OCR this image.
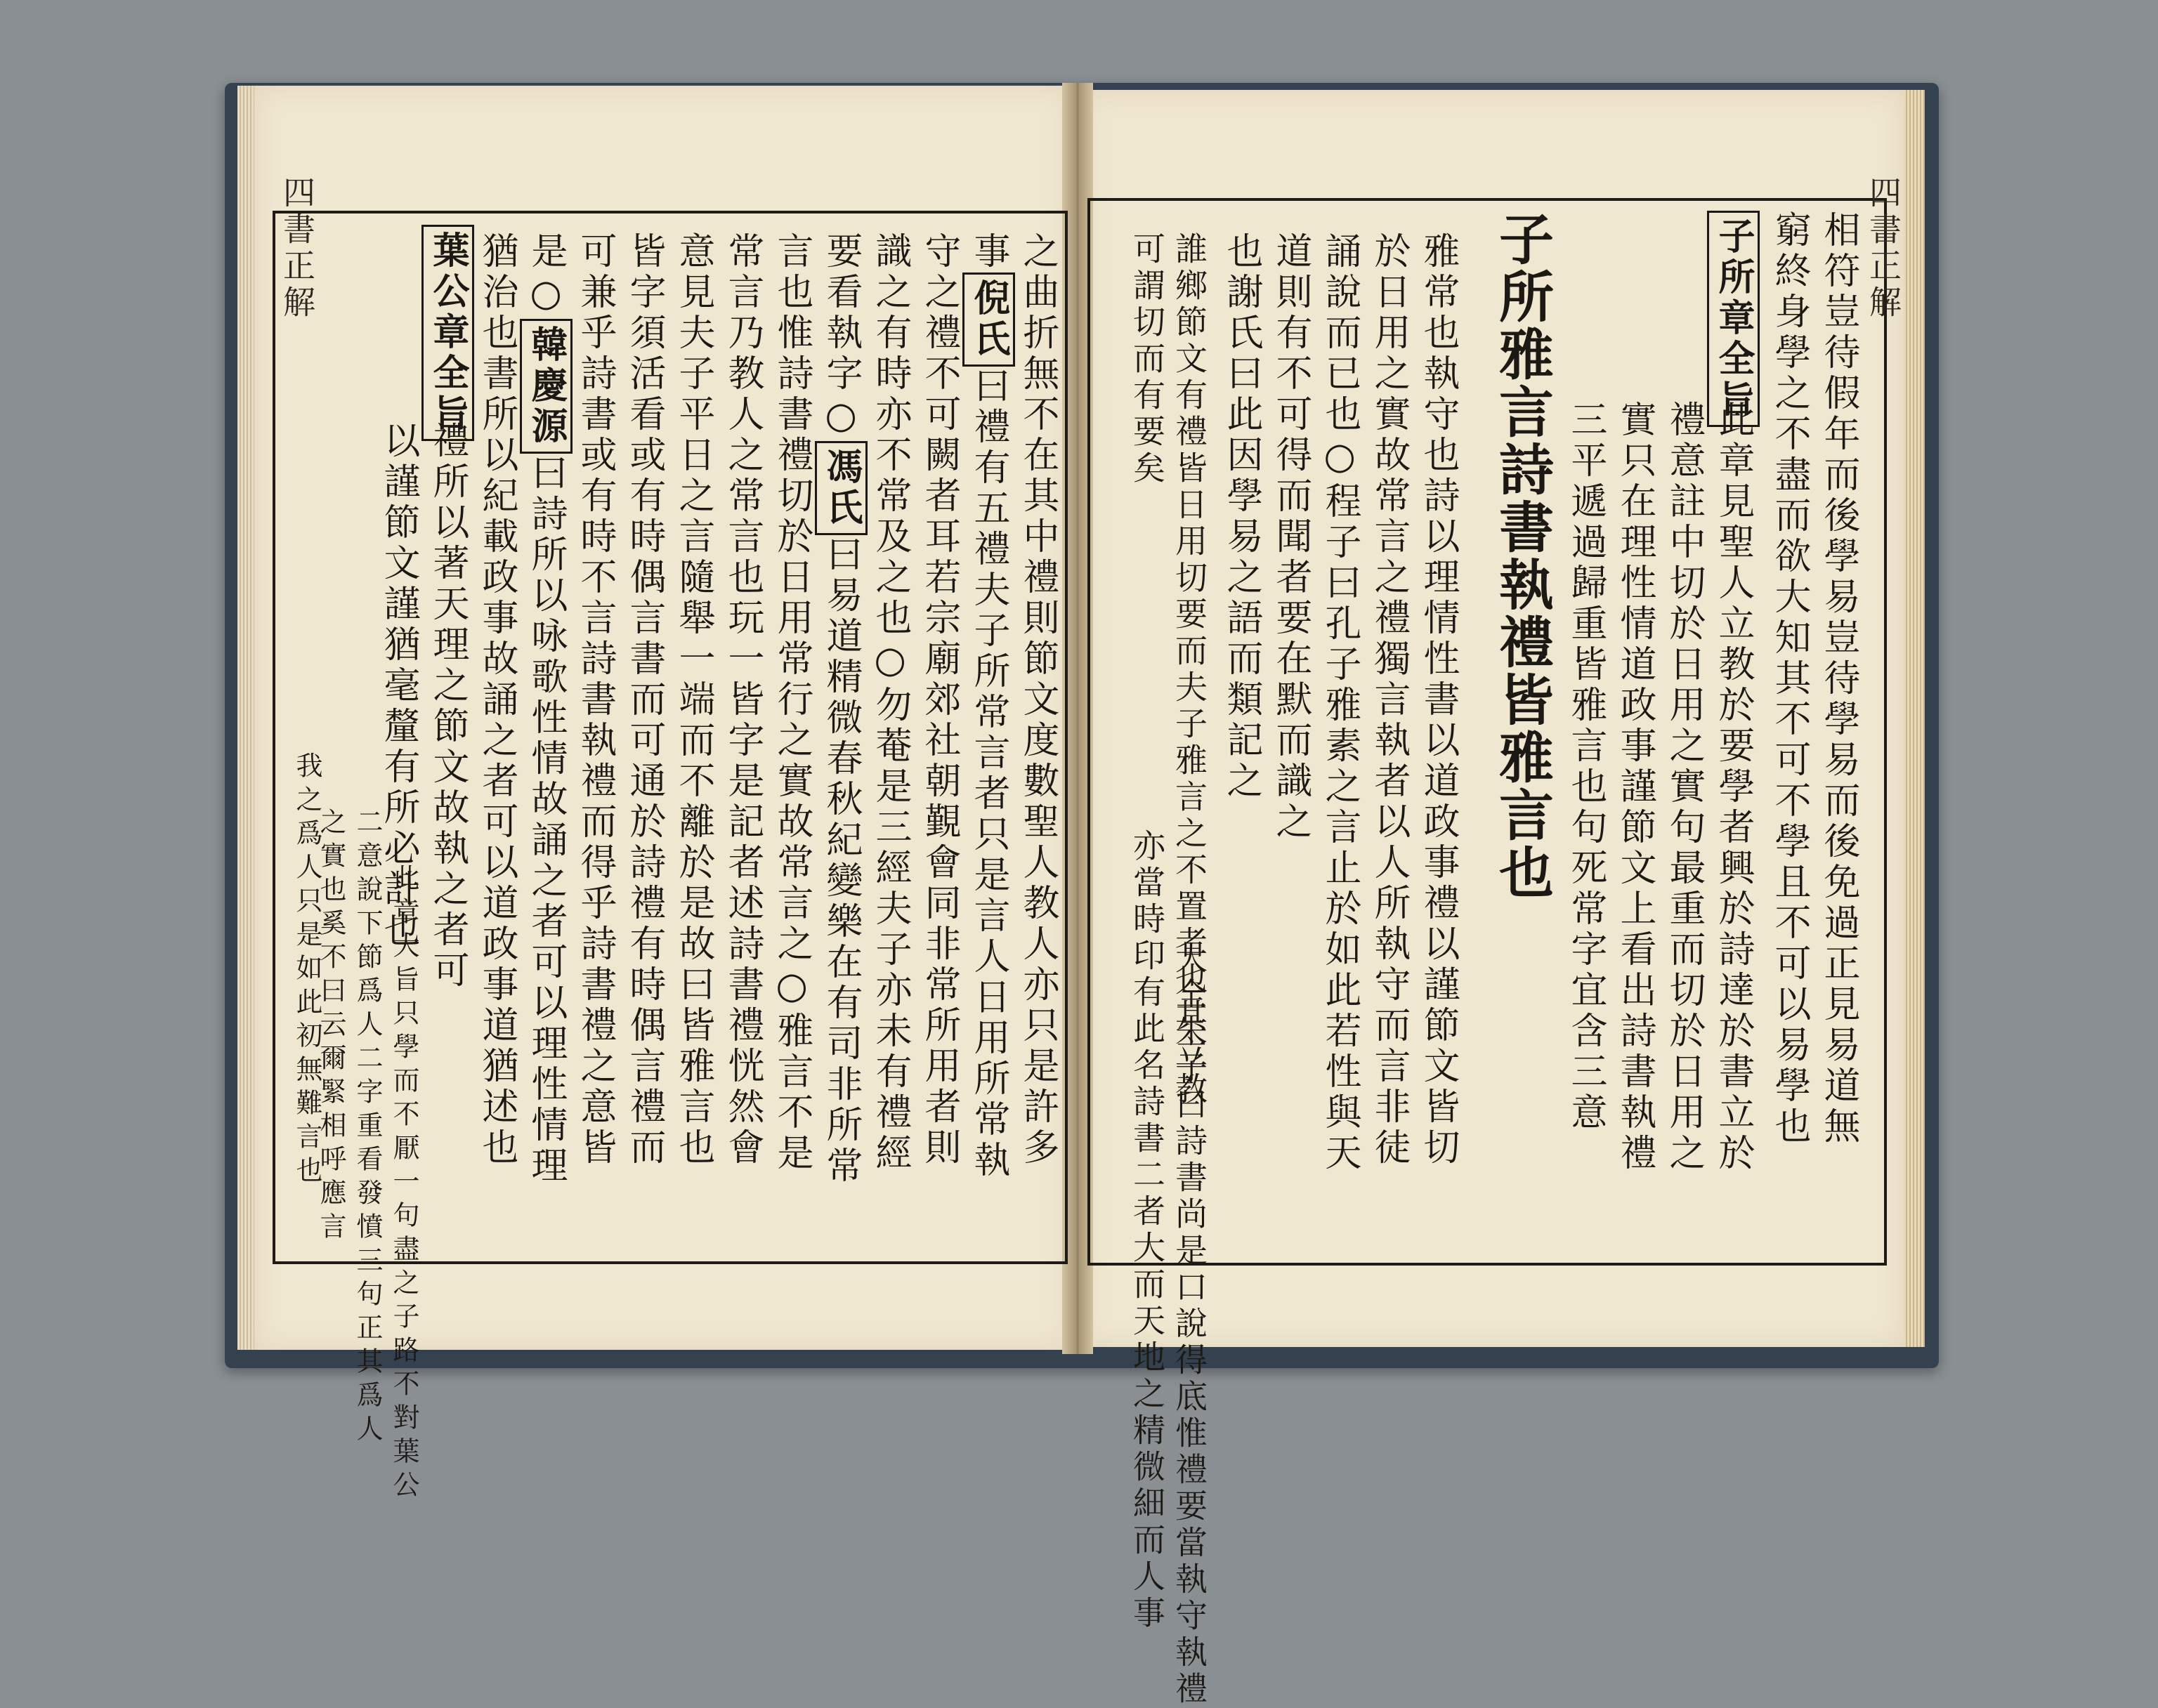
四書正解
相符豈待假年而後學易豈待學易而後免過正見易道無
窮終身學之不盡而欲大知其不可不學且不可以易學也
此章見聖人立教於要學者興於詩達於書立於
禮意註中切於日用之實句最重而切於日用之
子所章全旨
實只在理性情道政事謹節文上看出詩書執禮
三平遞過歸重皆雅言也句死常字宜含三意
子所雅言詩書執禮皆雅言也
雅常也執守也詩以理情性書以道政事禮以謹節文皆切
於日用之實故常言之禮獨言執者以人所執守而言非徒
誦說而已也○程子曰孔子雅素之言止於如此若性與天
道則有不可得而聞者要在默而識之
也謝氏曰此因學易之語而類記之
誰鄉節文有禮皆日用切要而夫子雅言之不置者也其立教
可謂切而有要矣
大全朱子曰詩書尚是口說得底惟禮要當執守執禮
亦當時印有此名詩書二者大而天地之精微細而人事
四書正解	之曲折無不在其中禮則節文度數聖人教人亦只是許多
事倪氏曰禮有五禮夫子所常言者只是言人日用所常執
守之禮不可闕者耳若宗廟郊社朝覲會同非常所用者則
識之有時亦不常及之也○勿菴是三經夫子亦未有禮經
要看執字○馮氏曰易道精微春秋紀變樂在有司非所常
言也惟詩書禮切於日用常行之實故常言之○雅言不是
常言乃教人之常言也玩一皆字是記者述詩書禮恍然會
意見夫子平日之言隨舉一端而不離於是故曰皆雅言也
皆字須活看或有時偶言書而可通於詩禮有時偶言禮而
可兼乎詩書或有時不言詩書執禮而得乎詩書禮之意皆
是○韓慶源曰詩所以咏歌性情故誦之者可以理性情理
猶治也書所以紀載政事故誦之者可以道政事道猶述也
禮所以著天理之節文故執之者可
以謹節文謹猶毫釐有所必計也
葉公章全旨
此章大旨只學而不厭一句盡之子路不對葉公
二意說下節爲人二字重看發憤三句正其爲人
之實也奚不曰云爾緊相呼應言
我之爲人只是如此初無難言也
